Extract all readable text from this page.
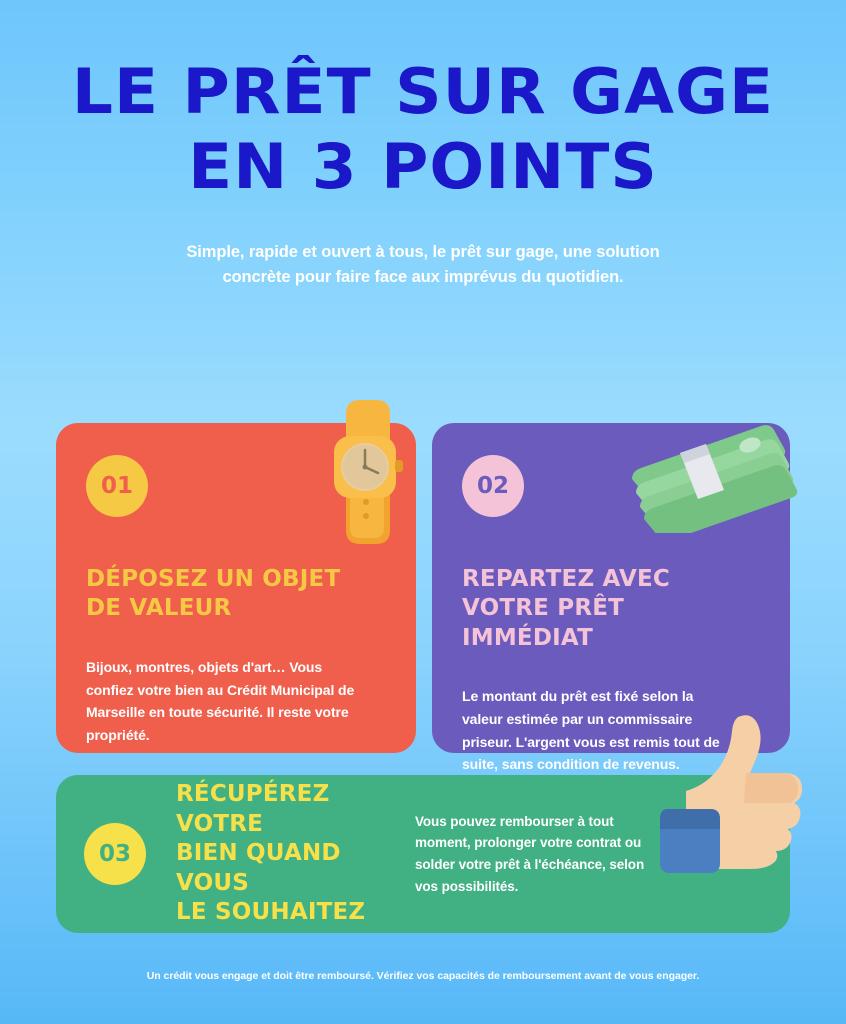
LE PRÊT SUR GAGE
EN 3 POINTS
Simple, rapide et ouvert à tous, le prêt sur gage, une solution
concrète pour faire face aux imprévus du quotidien.
01
DÉPOSEZ UN OBJET
DE VALEUR
Bijoux, montres, objets d'art… Vous confiez votre bien au Crédit Municipal de Marseille en toute sécurité. Il reste votre propriété.
02
REPARTEZ AVEC
VOTRE PRÊT IMMÉDIAT
Le montant du prêt est fixé selon la valeur estimée par un commissaire priseur. L'argent vous est remis tout de suite, sans condition de revenus.
03
RÉCUPÉREZ VOTRE
BIEN QUAND VOUS
LE SOUHAITEZ
Vous pouvez rembourser à tout moment, prolonger votre contrat ou solder votre prêt à l'échéance, selon vos possibilités.
Un crédit vous engage et doit être remboursé. Vérifiez vos capacités de remboursement avant de vous engager.
